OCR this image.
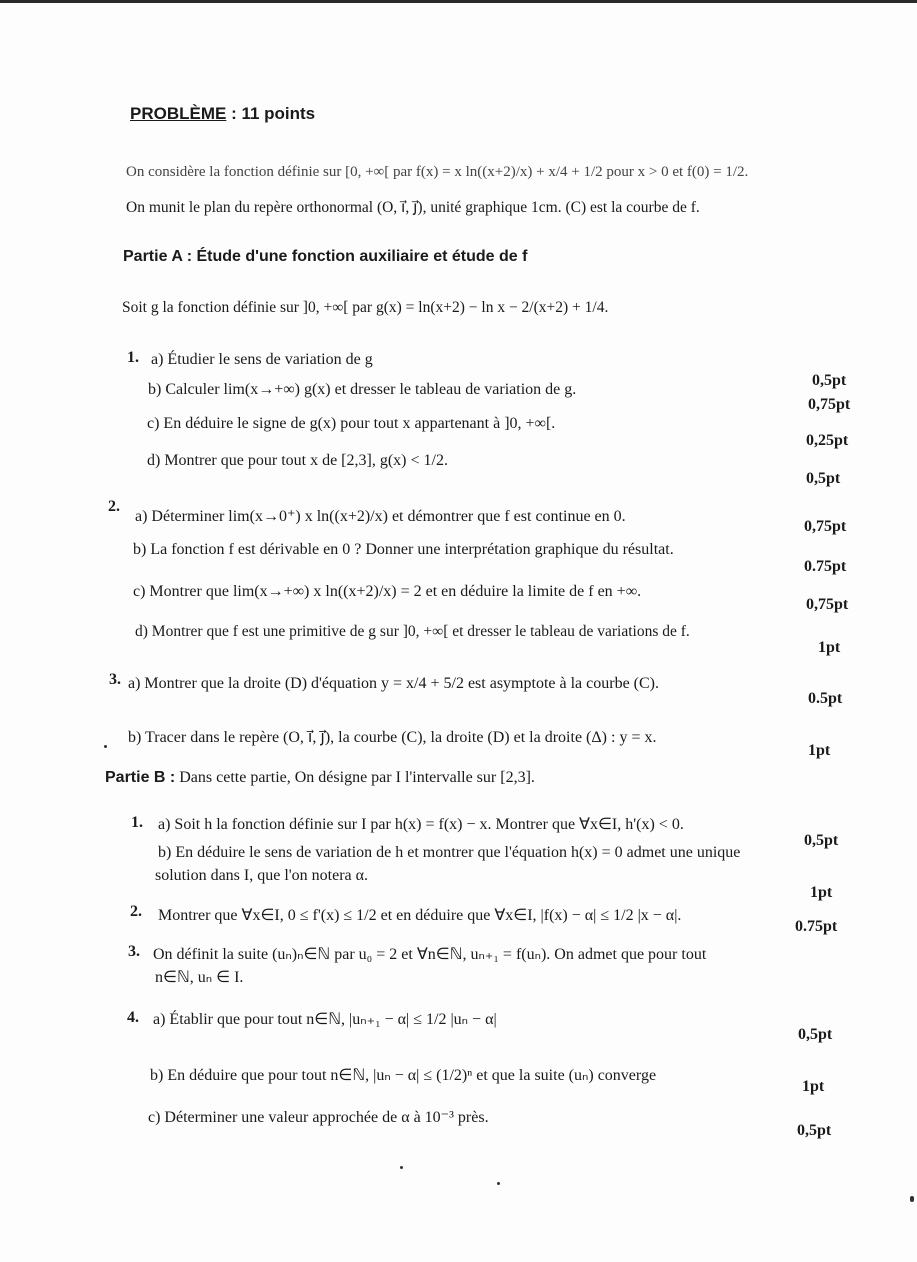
PROBLÈME : 11 points
On considère la fonction définie sur [0, +∞[ par f(x) = x ln((x+2)/x) + x/4 + 1/2 pour x > 0 et f(0) = 1/2.
On munit le plan du repère orthonormal (O, i⃗, j⃗), unité graphique 1cm. (C) est la courbe de f.
Partie A : Étude d'une fonction auxiliaire et étude de f
Soit g la fonction définie sur ]0, +∞[ par g(x) = ln(x+2) − ln x − 2/(x+2) + 1/4.
1. a) Étudier le sens de variation de g
0,5pt
b) Calculer lim(x→+∞) g(x) et dresser le tableau de variation de g.
0,75pt
c) En déduire le signe de g(x) pour tout x appartenant à ]0, +∞[.
0,25pt
d) Montrer que pour tout x de [2,3], g(x) < 1/2.
0,5pt
2.
a) Déterminer lim(x→0⁺) x ln((x+2)/x) et démontrer que f est continue en 0.
0,75pt
b) La fonction f est dérivable en 0 ? Donner une interprétation graphique du résultat.
0.75pt
c) Montrer que lim(x→+∞) x ln((x+2)/x) = 2 et en déduire la limite de f en +∞.
0,75pt
d) Montrer que f est une primitive de g sur ]0, +∞[ et dresser le tableau de variations de f.
1pt
3. a) Montrer que la droite (D) d'équation y = x/4 + 5/2 est asymptote à la courbe (C).
0.5pt
b) Tracer dans le repère (O, i⃗, j⃗), la courbe (C), la droite (D) et la droite (Δ) : y = x.
1pt
Partie B : Dans cette partie, On désigne par I l'intervalle sur [2,3].
1. a) Soit h la fonction définie sur I par h(x) = f(x) − x. Montrer que ∀x∈I, h'(x) < 0.
0,5pt
b) En déduire le sens de variation de h et montrer que l'équation h(x) = 0 admet une unique
solution dans I, que l'on notera α.
1pt
2. Montrer que ∀x∈I, 0 ≤ f'(x) ≤ 1/2 et en déduire que ∀x∈I, |f(x) − α| ≤ 1/2 |x − α|.
0.75pt
3. On définit la suite (uₙ)ₙ∈ℕ par u₀ = 2 et ∀n∈ℕ, uₙ₊₁ = f(uₙ). On admet que pour tout
n∈ℕ, uₙ ∈ I.
4. a) Établir que pour tout n∈ℕ, |uₙ₊₁ − α| ≤ 1/2 |uₙ − α|
0,5pt
b) En déduire que pour tout n∈ℕ, |uₙ − α| ≤ (1/2)ⁿ et que la suite (uₙ) converge
1pt
c) Déterminer une valeur approchée de α à 10⁻³ près.
0,5pt
